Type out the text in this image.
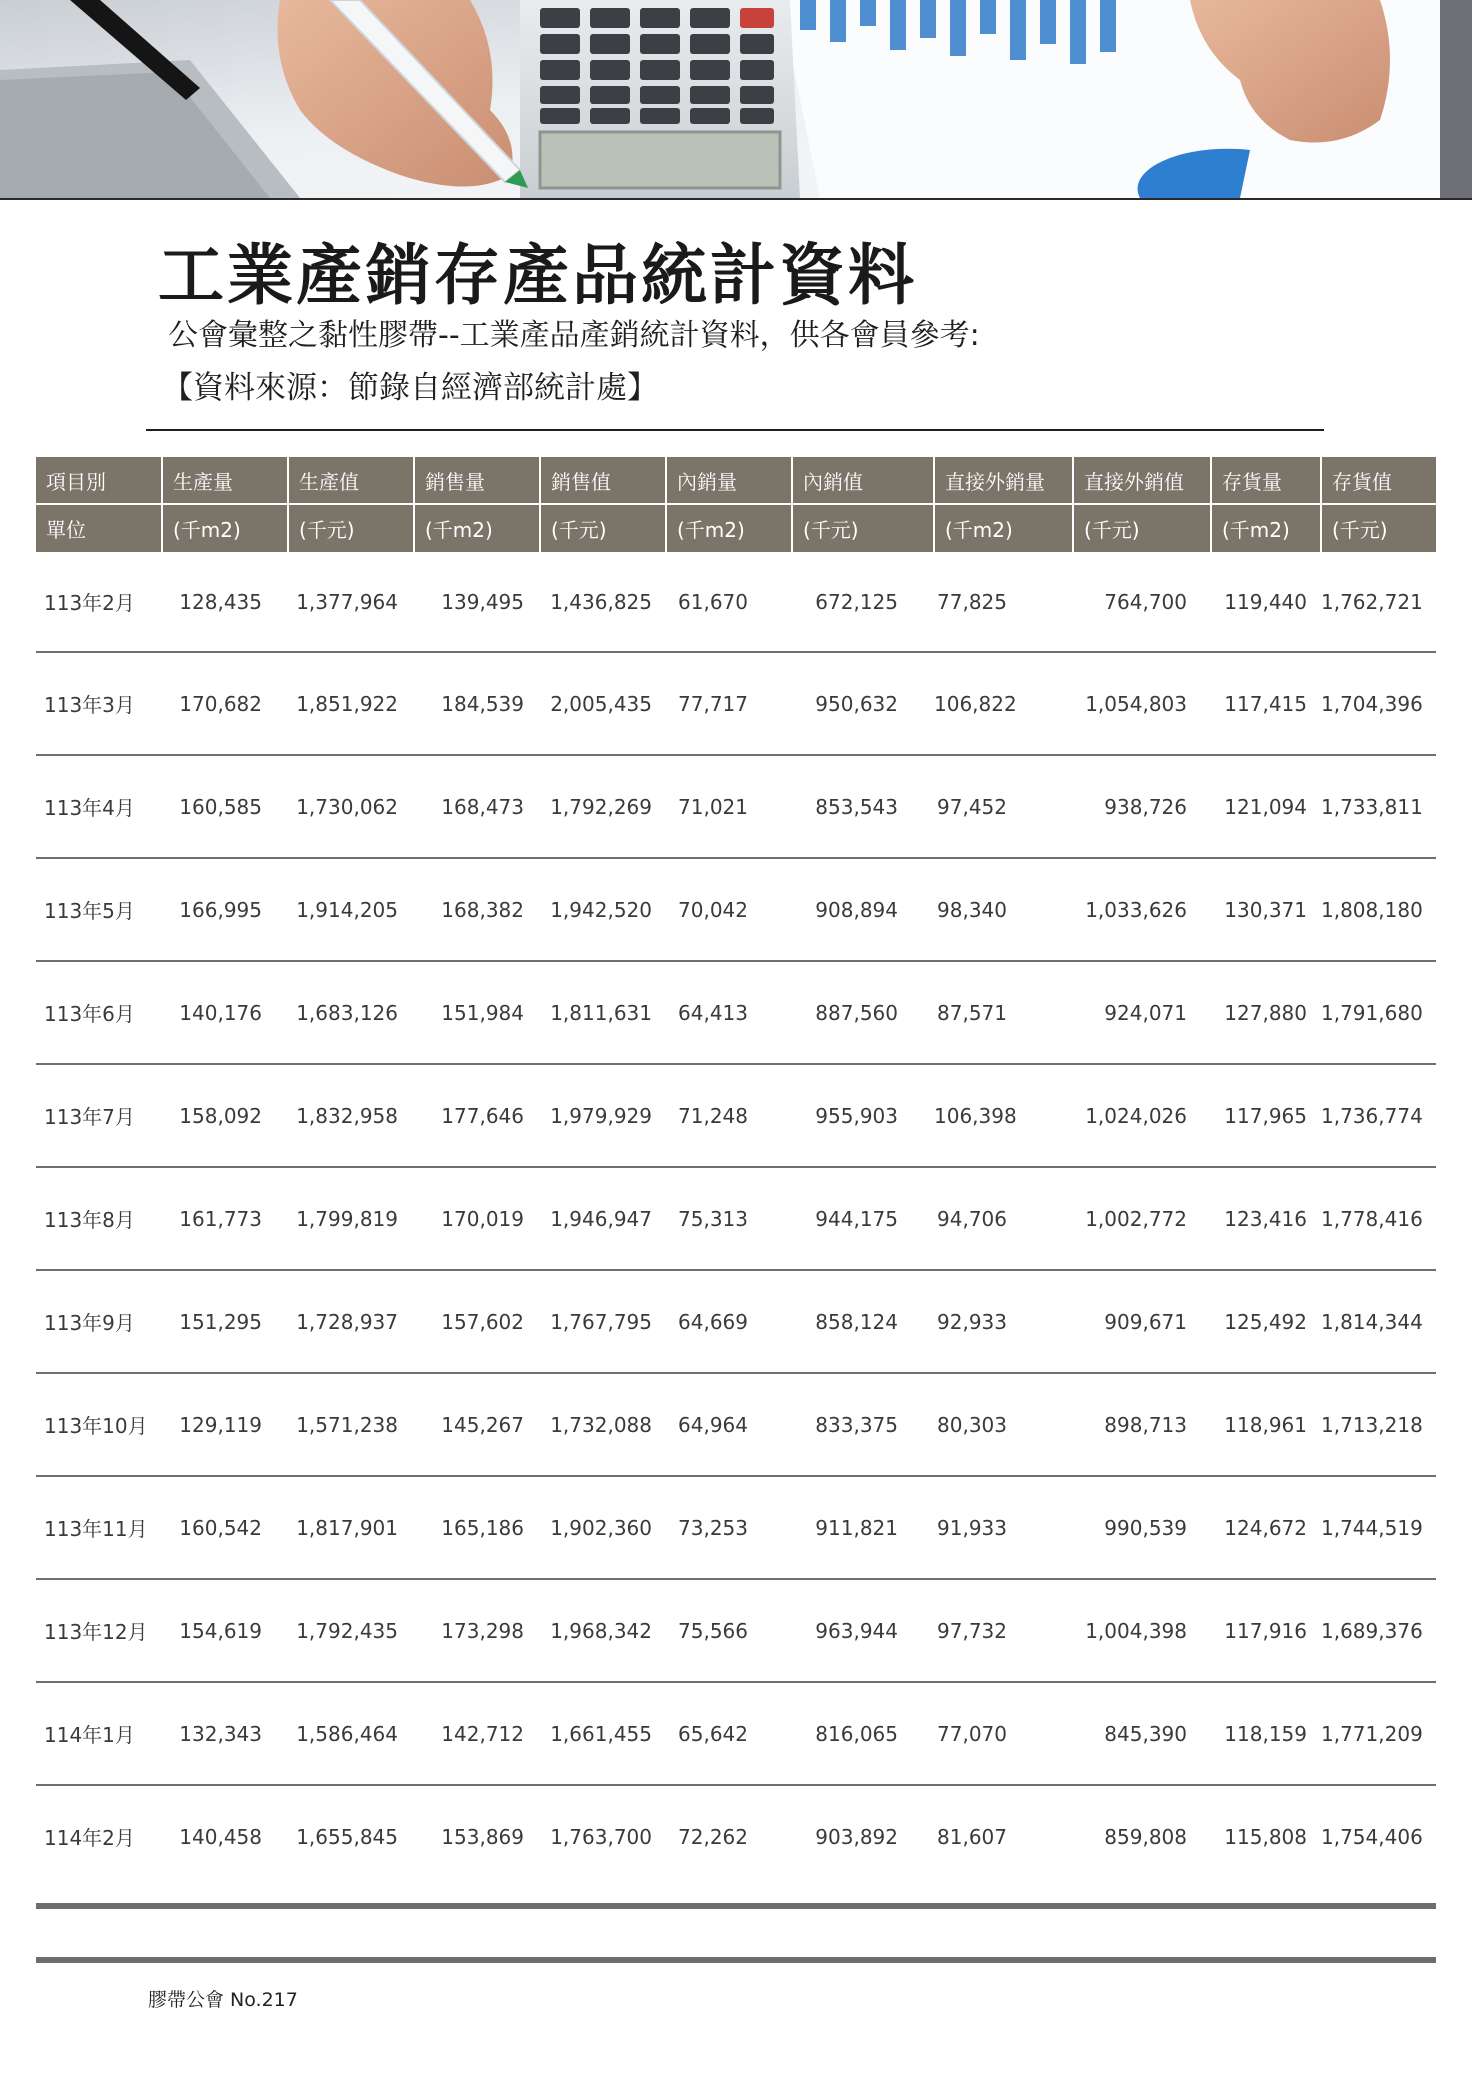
工業產銷存產品統計資料

公會彙整之黏性膠帶--工業產品產銷統計資料，供各會員參考:

【資料來源：節錄自經濟部統計處】

項目別	生產量	生產值	銷售量	銷售值	內銷量	內銷值	直接外銷量	直接外銷值	存貨量	存貨值
單位	(千m2)	(千元)	(千m2)	(千元)	(千m2)	(千元)	(千m2)	(千元)	(千m2)	(千元)
113年2月	128,435	1,377,964	139,495	1,436,825	61,670	672,125	77,825	764,700	119,440	1,762,721
113年3月	170,682	1,851,922	184,539	2,005,435	77,717	950,632	106,822	1,054,803	117,415	1,704,396
113年4月	160,585	1,730,062	168,473	1,792,269	71,021	853,543	97,452	938,726	121,094	1,733,811
113年5月	166,995	1,914,205	168,382	1,942,520	70,042	908,894	98,340	1,033,626	130,371	1,808,180
113年6月	140,176	1,683,126	151,984	1,811,631	64,413	887,560	87,571	924,071	127,880	1,791,680
113年7月	158,092	1,832,958	177,646	1,979,929	71,248	955,903	106,398	1,024,026	117,965	1,736,774
113年8月	161,773	1,799,819	170,019	1,946,947	75,313	944,175	94,706	1,002,772	123,416	1,778,416
113年9月	151,295	1,728,937	157,602	1,767,795	64,669	858,124	92,933	909,671	125,492	1,814,344
113年10月	129,119	1,571,238	145,267	1,732,088	64,964	833,375	80,303	898,713	118,961	1,713,218
113年11月	160,542	1,817,901	165,186	1,902,360	73,253	911,821	91,933	990,539	124,672	1,744,519
113年12月	154,619	1,792,435	173,298	1,968,342	75,566	963,944	97,732	1,004,398	117,916	1,689,376
114年1月	132,343	1,586,464	142,712	1,661,455	65,642	816,065	77,070	845,390	118,159	1,771,209
114年2月	140,458	1,655,845	153,869	1,763,700	72,262	903,892	81,607	859,808	115,808	1,754,406

膠帶公會 No.217
